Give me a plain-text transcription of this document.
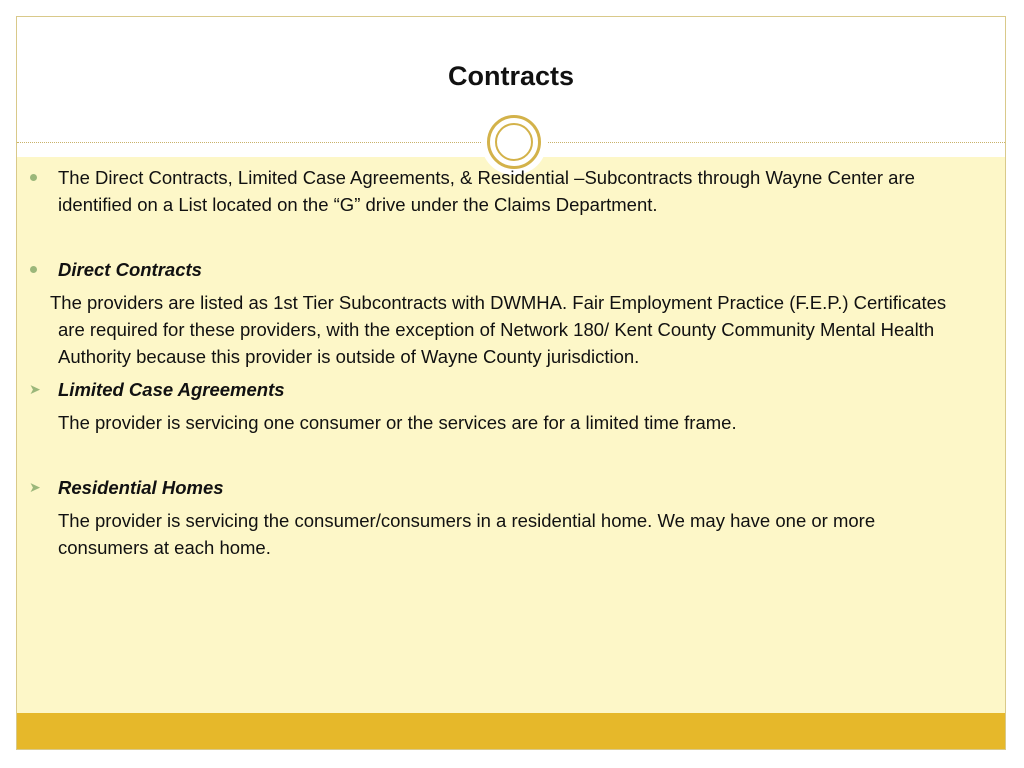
Contracts
The Direct Contracts, Limited Case Agreements, & Residential –Subcontracts through Wayne Center are identified on a List located on the “G” drive under the Claims Department.
Direct Contracts
The providers are listed as 1st Tier Subcontracts with DWMHA. Fair Employment Practice (F.E.P.) Certificates are required for these providers, with the exception of Network 180/ Kent County Community Mental Health Authority because this provider is outside of Wayne County jurisdiction.
➤ Limited Case Agreements
The provider is servicing one consumer or the services are for a limited time frame.
➤ Residential Homes
The provider is servicing the consumer/consumers in a residential home. We may have one or more consumers at each home.
